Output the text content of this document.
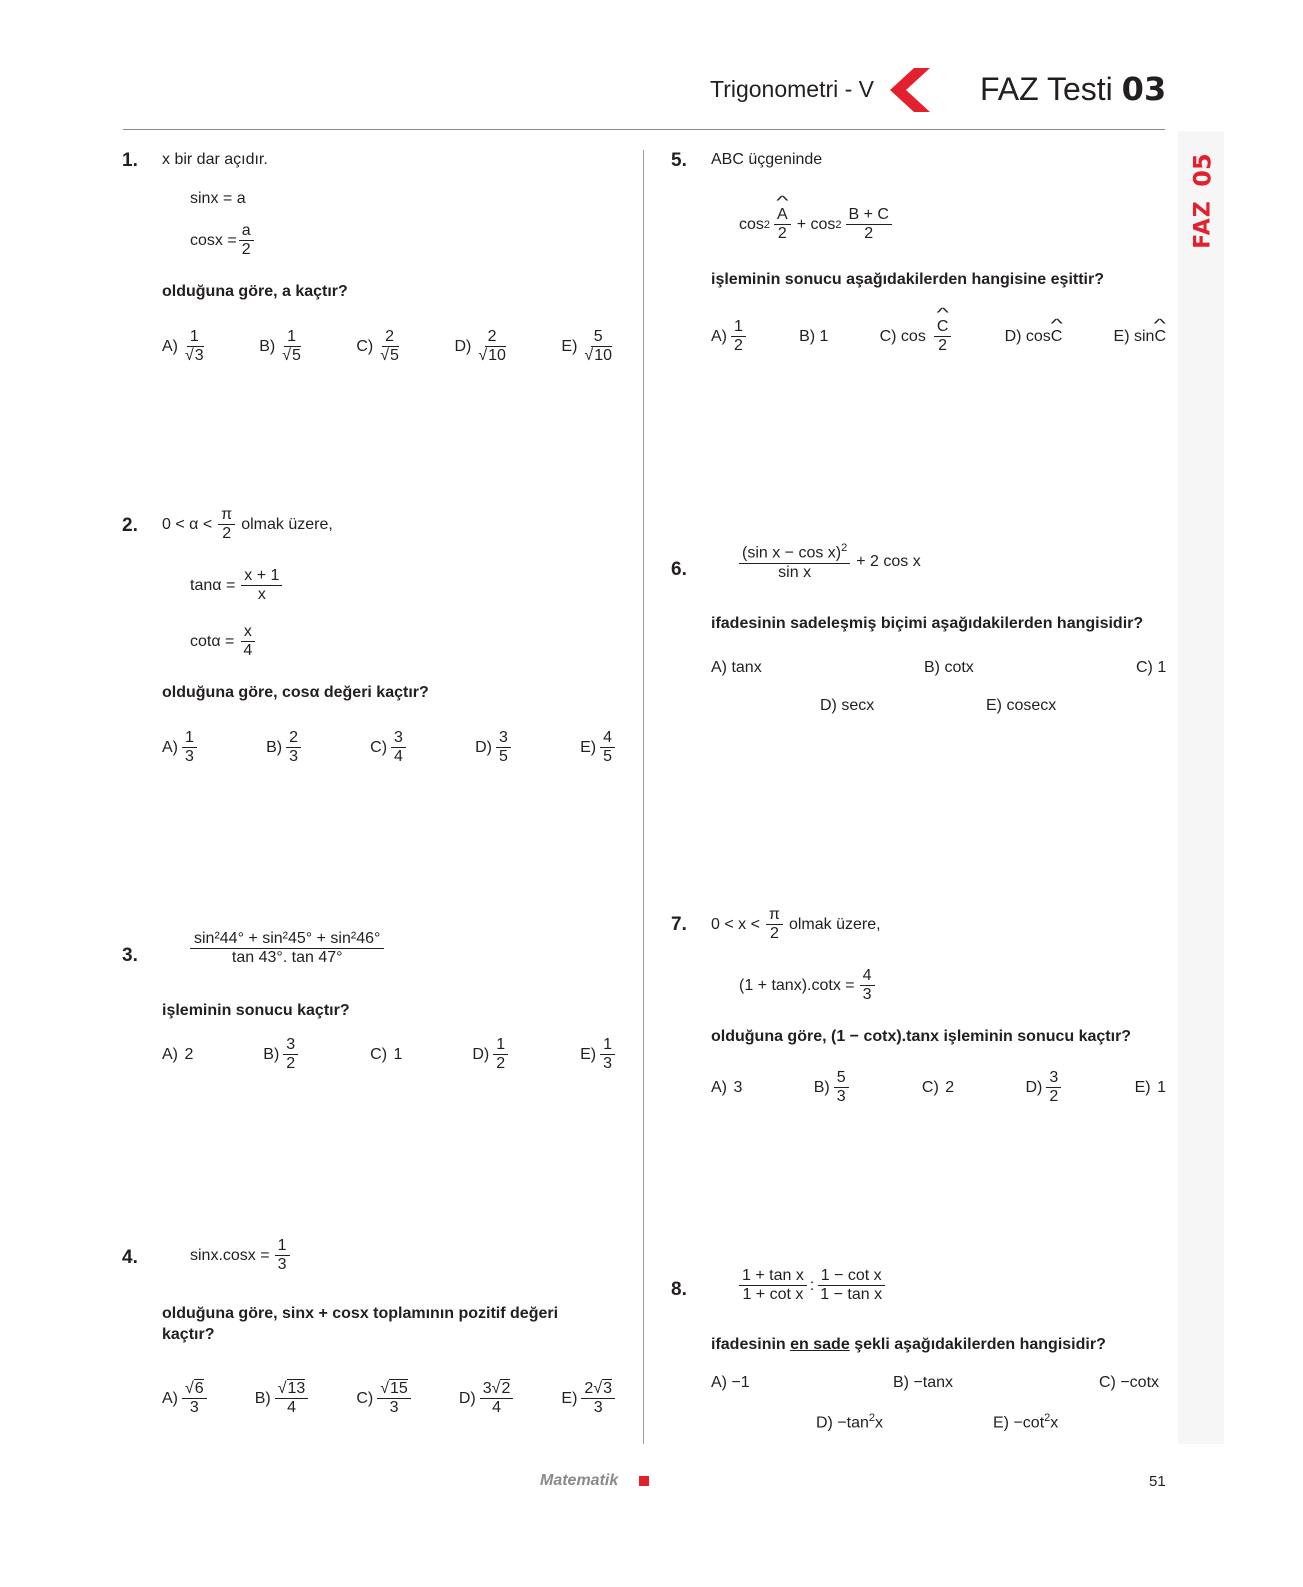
Trigonometri - V	FAZ Testi 03
05
FAZ
1. x bir dar açıdır.
sinx = a
$\cos x = \frac{a}{2}$
olduğuna göre, a kaçtır?
$A) \frac{1}{√3}$	$B) \frac{1}{√5}$	$C) \frac{2}{√5}$	$D) \frac{2}{√10}$	$E) \frac{5}{√10}$
2. $0 < \alpha < \frac{\pi}{2}$ olmak üzere,
$\tan\alpha = \frac{x + 1}{x}$
$\cot\alpha = \frac{x}{4}$
olduğuna göre, cosα değeri kaçtır?
$A) \frac{1}{3}$	$B) \frac{2}{3}$	$C) \frac{3}{4}$	$D) \frac{3}{5}$	$E) \frac{4}{5}$
3.	$\frac{\text{sin²44° + sin²45° + sin²46°}}{\tan 43^\circ. \tan 47^\circ}$
işleminin sonucu kaçtır?
A)
2	$B) \frac{3}{2}$	C)
1	$D) \frac{1}{2}$	$E) \frac{1}{3}$
4.	$\sin x.\cos x = \frac{1}{3}$
olduğuna göre, sinx + cosx toplamının pozitif değeri
kaçtır?
$A) \frac{√6}{3}$	$B) \frac{√13}{4}$	$C) \frac{√15}{3}$	$D) \frac{3√2}{4}$	$E) \frac{2√3}{3}$
5. ABC üçgeninde
cos 2 ^ $\frac{A}{2} + \cos 2 \frac{B + C}{2}$
işleminin sonucu aşağıdakilerden hangisine eşittir?
$A) \frac{1}{2}$	B) 1	C) cos ^ $\frac{C}{2}$	D) cos ^ C	E) sin ^ C
6.	$\frac{(\sin x - \cos x)^2}{\text{sin x}} + 2$ cos x
ifadesinin sadeleşmiş biçimi aşağıdakilerden hangisidir?
A) tanx	B) cotx	C) 1
D) secx	E) cosecx
7. $0 < x < \frac{\pi}{2}$ olmak üzere,
$(1 + \tan x).\cot x = \frac{4}{3}$
olduğuna göre, (1 − cotx).tanx işleminin sonucu kaçtır?
A)
3	$B) \frac{5}{3}$	C)
2	$D) \frac{3}{2}$	E)
1
8.	$\frac{\text{1 + tan x}}{\text{1 + cot x}}$ : $\frac{\text{1 − cot x}}{\text{1 − tan x}}$
ifadesinin en sade şekli aşağıdakilerden hangisidir?
A) −1	B) −tanx	C) −cotx
$D) -\tan^2x$	$E) -\cot^2x$
Matematik	51
